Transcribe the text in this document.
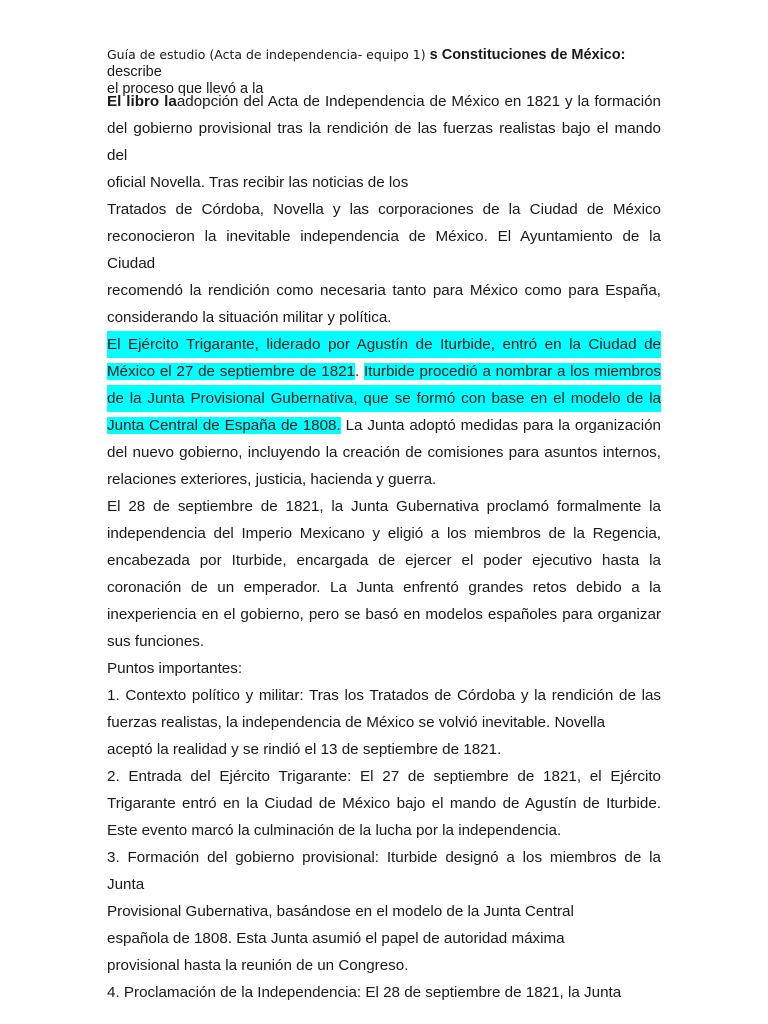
Guía de estudio (Acta de independencia- equipo 1) s Constituciones de México: describe
el proceso que llevó a la
El libro laadopción del Acta de Independencia de México en 1821 y la formación
del gobierno provisional tras la rendición de las fuerzas realistas bajo el mando del
oficial Novella. Tras recibir las noticias de los
Tratados de Córdoba, Novella y las corporaciones de la Ciudad de México
reconocieron la inevitable independencia de México. El Ayuntamiento de la Ciudad
recomendó la rendición como necesaria tanto para México como para España,
considerando la situación militar y política.
El Ejército Trigarante, liderado por Agustín de Iturbide, entró en la Ciudad de
México el 27 de septiembre de 1821. Iturbide procedió a nombrar a los miembros
de la Junta Provisional Gubernativa, que se formó con base en el modelo de la
Junta Central de España de 1808. La Junta adoptó medidas para la organización
del nuevo gobierno, incluyendo la creación de comisiones para asuntos internos,
relaciones exteriores, justicia, hacienda y guerra.
El 28 de septiembre de 1821, la Junta Gubernativa proclamó formalmente la
independencia del Imperio Mexicano y eligió a los miembros de la Regencia,
encabezada por Iturbide, encargada de ejercer el poder ejecutivo hasta la
coronación de un emperador. La Junta enfrentó grandes retos debido a la
inexperiencia en el gobierno, pero se basó en modelos españoles para organizar
sus funciones.
Puntos importantes:
1. Contexto político y militar: Tras los Tratados de Córdoba y la rendición de las
fuerzas realistas, la independencia de México se volvió inevitable. Novella
aceptó la realidad y se rindió el 13 de septiembre de 1821.
2. Entrada del Ejército Trigarante: El 27 de septiembre de 1821, el Ejército
Trigarante entró en la Ciudad de México bajo el mando de Agustín de Iturbide.
Este evento marcó la culminación de la lucha por la independencia.
3. Formación del gobierno provisional: Iturbide designó a los miembros de la Junta
Provisional Gubernativa, basándose en el modelo de la Junta Central
española de 1808. Esta Junta asumió el papel de autoridad máxima
provisional hasta la reunión de un Congreso.
4. Proclamación de la Independencia: El 28 de septiembre de 1821, la Junta
